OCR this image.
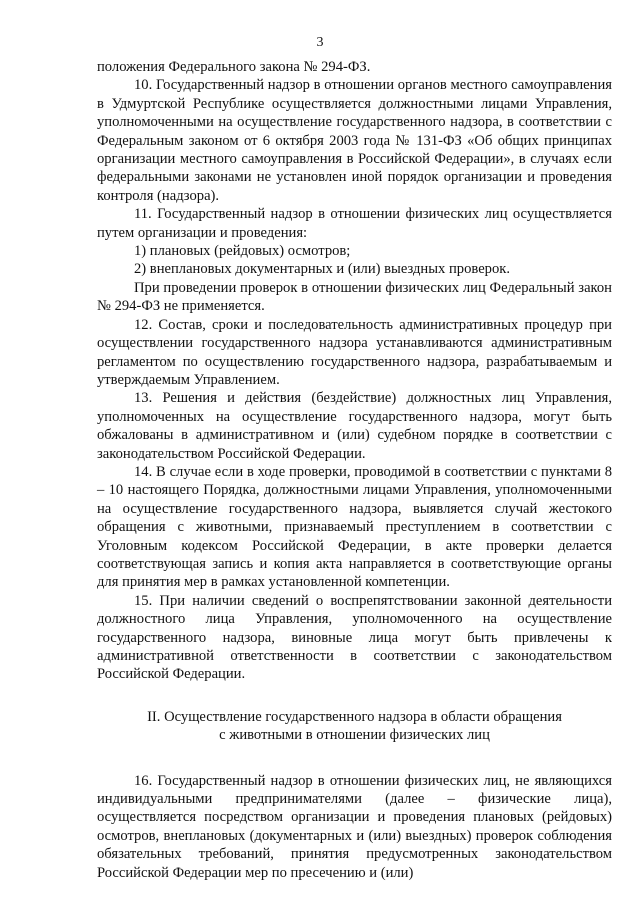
3

положения Федерального закона № 294-ФЗ.

10. Государственный надзор в отношении органов местного самоуправления в Удмуртской Республике осуществляется должностными лицами Управления, уполномоченными на осуществление государственного надзора, в соответствии с Федеральным законом от 6 октября 2003 года № 131-ФЗ «Об общих принципах организации местного самоуправления в Российской Федерации», в случаях если федеральными законами не установлен иной порядок организации и проведения контроля (надзора).

11. Государственный надзор в отношении физических лиц осуществляется путем организации и проведения:

1) плановых (рейдовых) осмотров;

2) внеплановых документарных и (или) выездных проверок.

При проведении проверок в отношении физических лиц Федеральный закон № 294-ФЗ не применяется.

12. Состав, сроки и последовательность административных процедур при осуществлении государственного надзора устанавливаются административным регламентом по осуществлению государственного надзора, разрабатываемым и утверждаемым Управлением.

13. Решения и действия (бездействие) должностных лиц Управления, уполномоченных на осуществление государственного надзора, могут быть обжалованы в административном и (или) судебном порядке в соответствии с законодательством Российской Федерации.

14. В случае если в ходе проверки, проводимой в соответствии с пунктами 8 – 10 настоящего Порядка, должностными лицами Управления, уполномоченными на осуществление государственного надзора, выявляется случай жестокого обращения с животными, признаваемый преступлением в соответствии с Уголовным кодексом Российской Федерации, в акте проверки делается соответствующая запись и копия акта направляется в соответствующие органы для принятия мер в рамках установленной компетенции.

15. При наличии сведений о воспрепятствовании законной деятельности должностного лица Управления, уполномоченного на осуществление государственного надзора, виновные лица могут быть привлечены к административной ответственности в соответствии с законодательством Российской Федерации.

II. Осуществление государственного надзора в области обращения
с животными в отношении физических лиц

16. Государственный надзор в отношении физических лиц, не являющихся индивидуальными предпринимателями (далее – физические лица), осуществляется посредством организации и проведения плановых (рейдовых) осмотров, внеплановых (документарных и (или) выездных) проверок соблюдения обязательных требований, принятия предусмотренных законодательством Российской Федерации мер по пресечению и (или)
